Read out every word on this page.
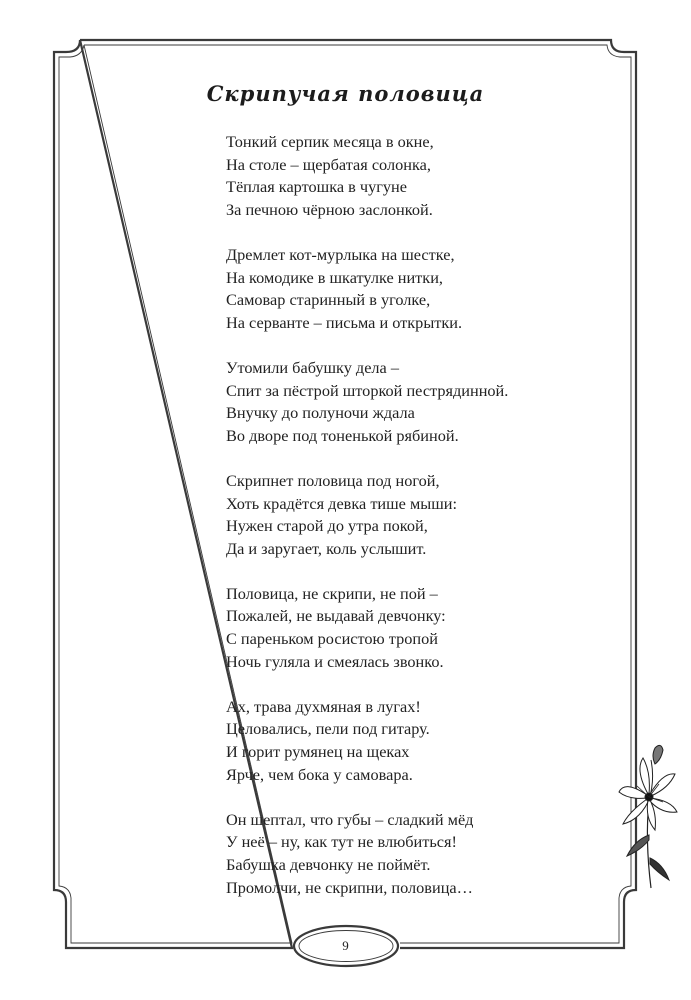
Скрипучая половица
Тонкий серпик месяца в окне,
На столе – щербатая солонка,
Тёплая картошка в чугуне
За печною чёрною заслонкой.
Дремлет кот-мурлыка на шестке,
На комодике в шкатулке нитки,
Самовар старинный в уголке,
На серванте – письма и открытки.
Утомили бабушку дела –
Спит за пёстрой шторкой пестрядинной.
Внучку до полуночи ждала
Во дворе под тоненькой рябиной.
Скрипнет половица под ногой,
Хоть крадётся девка тише мыши:
Нужен старой до утра покой,
Да и заругает, коль услышит.
Половица, не скрипи, не пой –
Пожалей, не выдавай девчонку:
С пареньком росистою тропой
Ночь гуляла и смеялась звонко.
Ах, трава духмяная в лугах!
Целовались, пели под гитару.
И горит румянец на щеках
Ярче, чем бока у самовара.
Он шептал, что губы – сладкий мёд
У неё – ну, как тут не влюбиться!
Бабушка девчонку не поймёт.
Промолчи, не скрипни, половица…
9
